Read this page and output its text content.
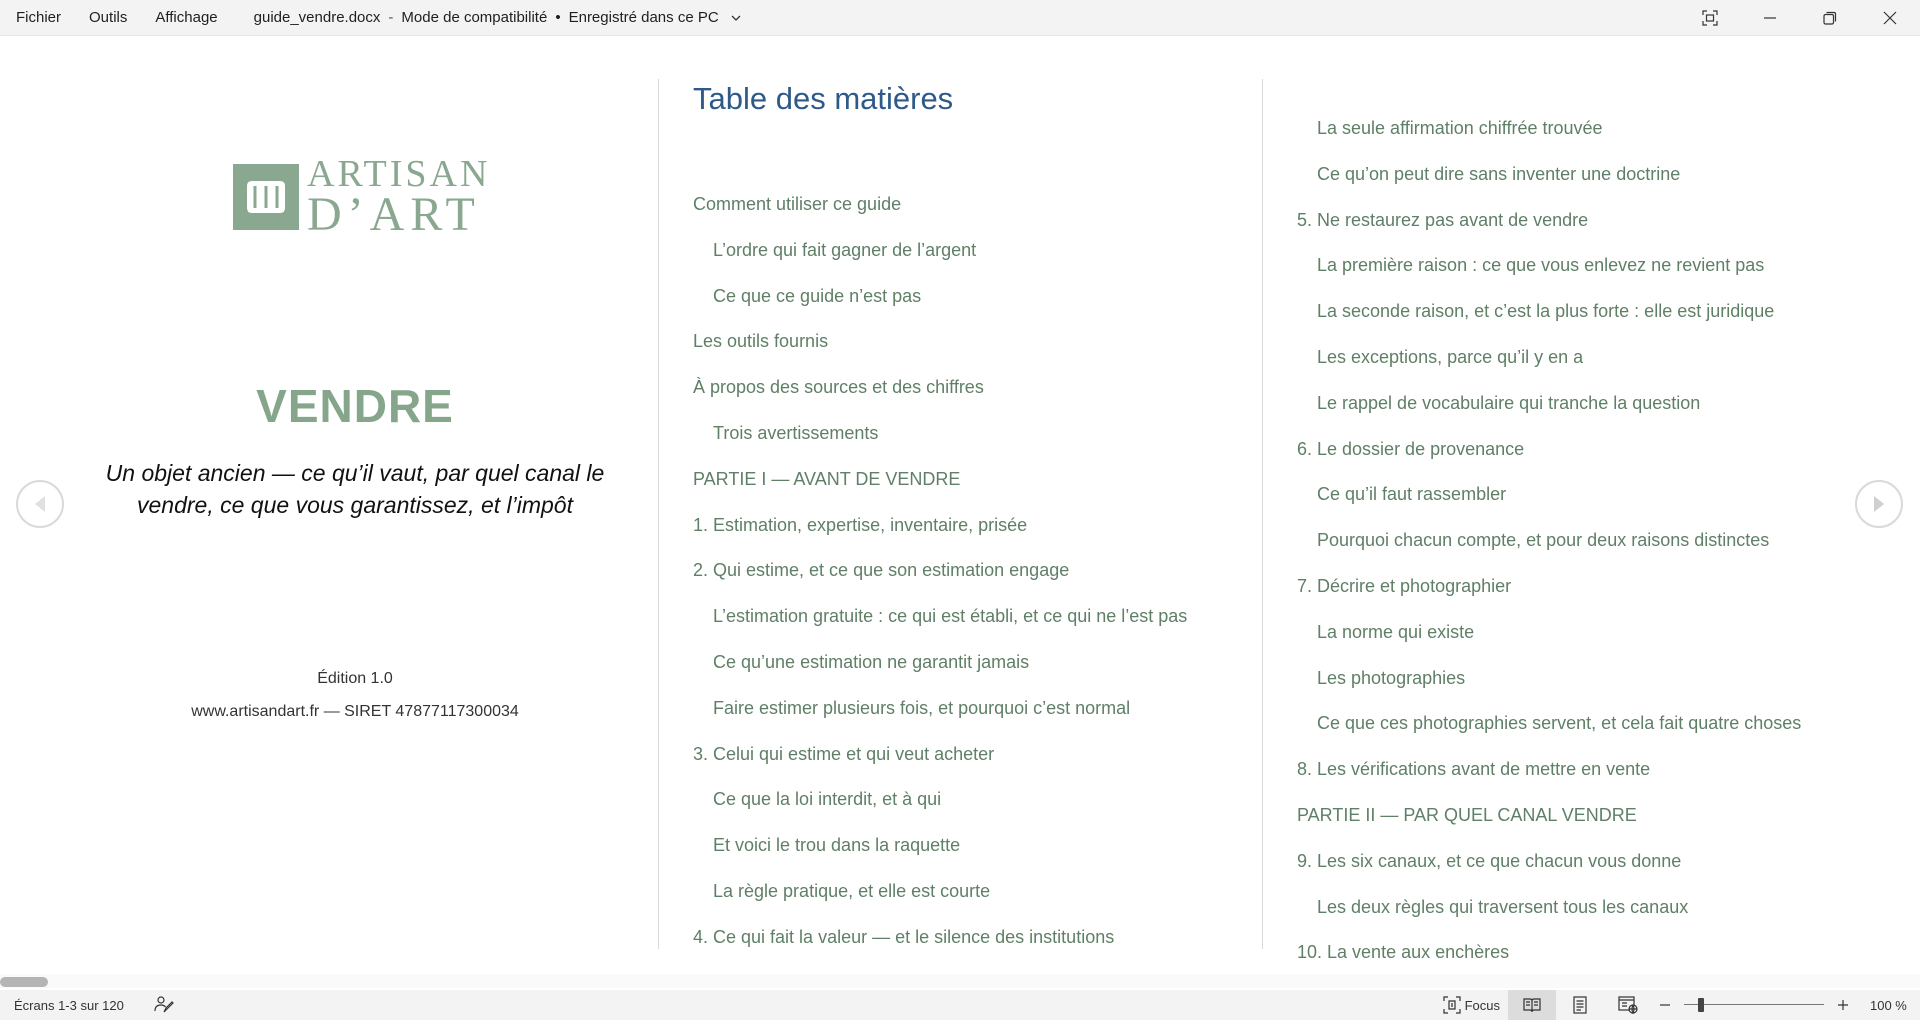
Fichier	Outils	Affichage	guide_vendre.docx - Mode de compatibilité • Enregistré dans ce PC
ARTISAN
D’ART
VENDRE
Un objet ancien — ce qu’il vaut, par quel canal le vendre, ce que vous garantissez, et l’impôt
Édition 1.0
www.artisandart.fr — SIRET 47877117300034
Table des matières
Comment utiliser ce guide
L’ordre qui fait gagner de l’argent
Ce que ce guide n’est pas
Les outils fournis
À propos des sources et des chiffres
Trois avertissements
PARTIE I — AVANT DE VENDRE
1. Estimation, expertise, inventaire, prisée
2. Qui estime, et ce que son estimation engage
L’estimation gratuite : ce qui est établi, et ce qui ne l’est pas
Ce qu’une estimation ne garantit jamais
Faire estimer plusieurs fois, et pourquoi c’est normal
3. Celui qui estime et qui veut acheter
Ce que la loi interdit, et à qui
Et voici le trou dans la raquette
La règle pratique, et elle est courte
4. Ce qui fait la valeur — et le silence des institutions
La seule affirmation chiffrée trouvée
Ce qu’on peut dire sans inventer une doctrine
5. Ne restaurez pas avant de vendre
La première raison : ce que vous enlevez ne revient pas
La seconde raison, et c’est la plus forte : elle est juridique
Les exceptions, parce qu’il y en a
Le rappel de vocabulaire qui tranche la question
6. Le dossier de provenance
Ce qu’il faut rassembler
Pourquoi chacun compte, et pour deux raisons distinctes
7. Décrire et photographier
La norme qui existe
Les photographies
Ce que ces photographies servent, et cela fait quatre choses
8. Les vérifications avant de mettre en vente
PARTIE II — PAR QUEL CANAL VENDRE
9. Les six canaux, et ce que chacun vous donne
Les deux règles qui traversent tous les canaux
10. La vente aux enchères
Écrans 1-3 sur 120	Focus	100 %
